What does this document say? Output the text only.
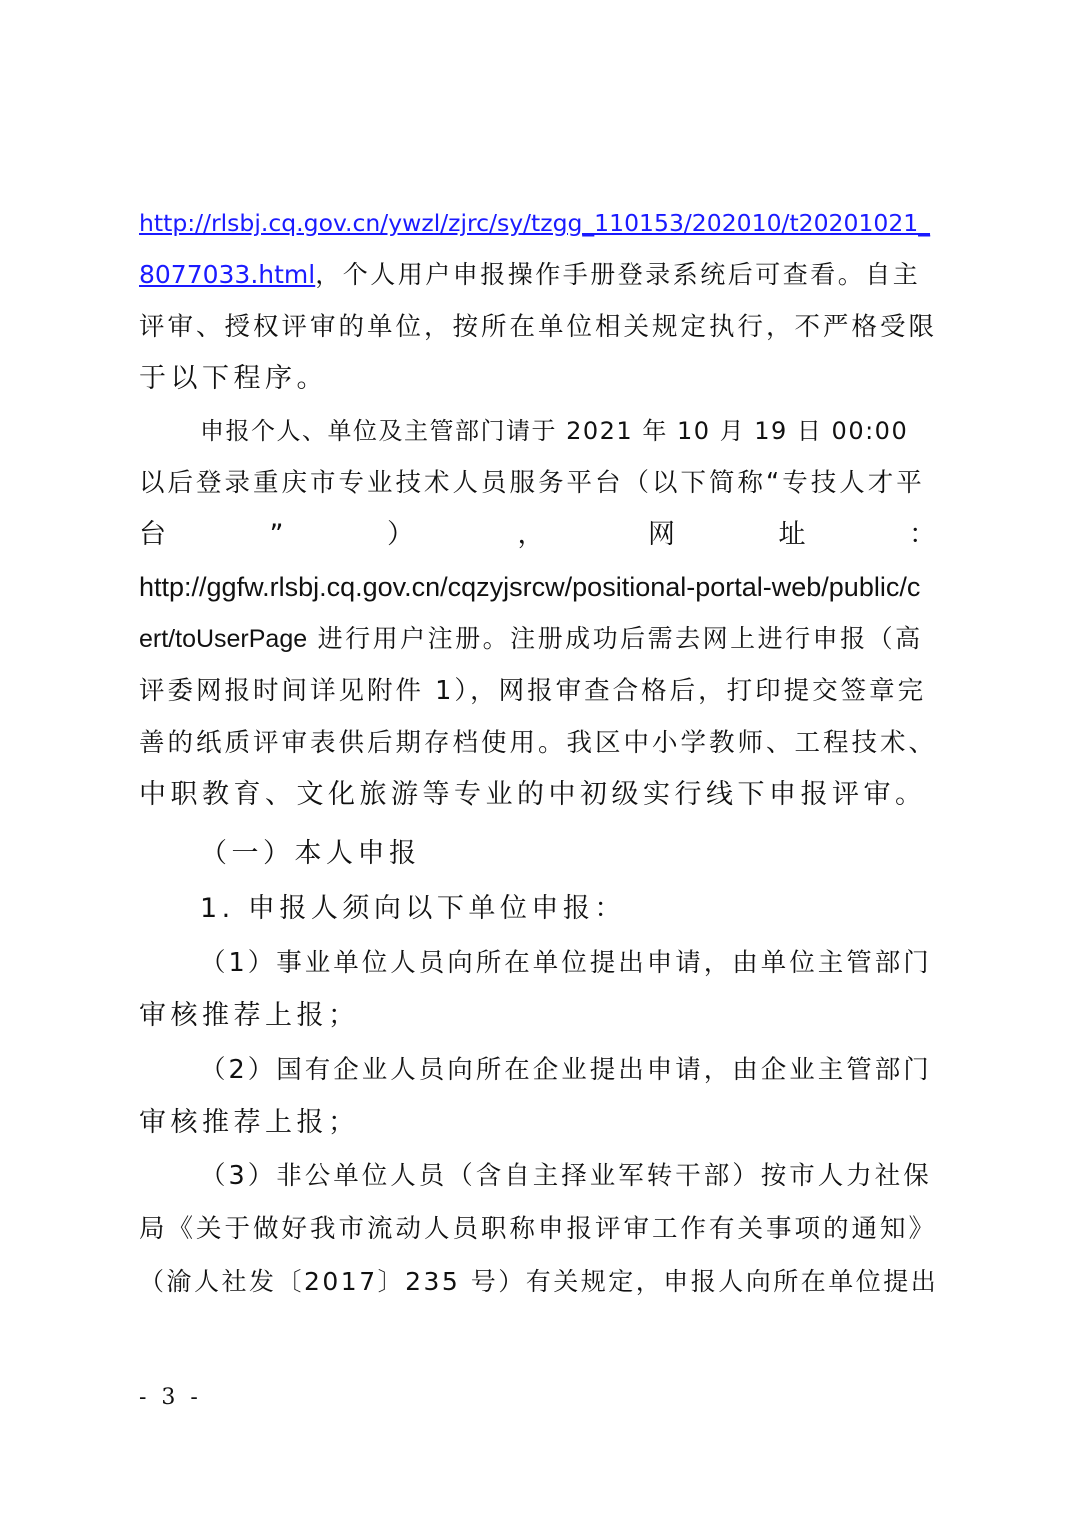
http://rlsbj.cq.gov.cn/ywzl/zjrc/sy/tzgg_110153/202010/t20201021_
8077033.html，个人用户申报操作手册登录系统后可查看。自主
评审、授权评审的单位，按所在单位相关规定执行，不严格受限
于以下程序。
申报个人、单位及主管部门请于 2021 年 10 月 19 日 00:00
以后登录重庆市专业技术人员服务平台（以下简称“专技人才平
台	”	）	，	网	址	：
http://ggfw.rlsbj.cq.gov.cn/cqzyjsrcw/positional-portal-web/public/c
ert/toUserPage 进行用户注册。注册成功后需去网上进行申报（高
评委网报时间详见附件 1），网报审查合格后，打印提交签章完
善的纸质评审表供后期存档使用。我区中小学教师、工程技术、
中职教育、文化旅游等专业的中初级实行线下申报评审。
（一）本人申报
1. 申报人须向以下单位申报：
（1）事业单位人员向所在单位提出申请，由单位主管部门
审核推荐上报；
（2）国有企业人员向所在企业提出申请，由企业主管部门
审核推荐上报；
（3）非公单位人员（含自主择业军转干部）按市人力社保
局《关于做好我市流动人员职称申报评审工作有关事项的通知》
（渝人社发〔2017〕235 号）有关规定，申报人向所在单位提出
- 3 -
